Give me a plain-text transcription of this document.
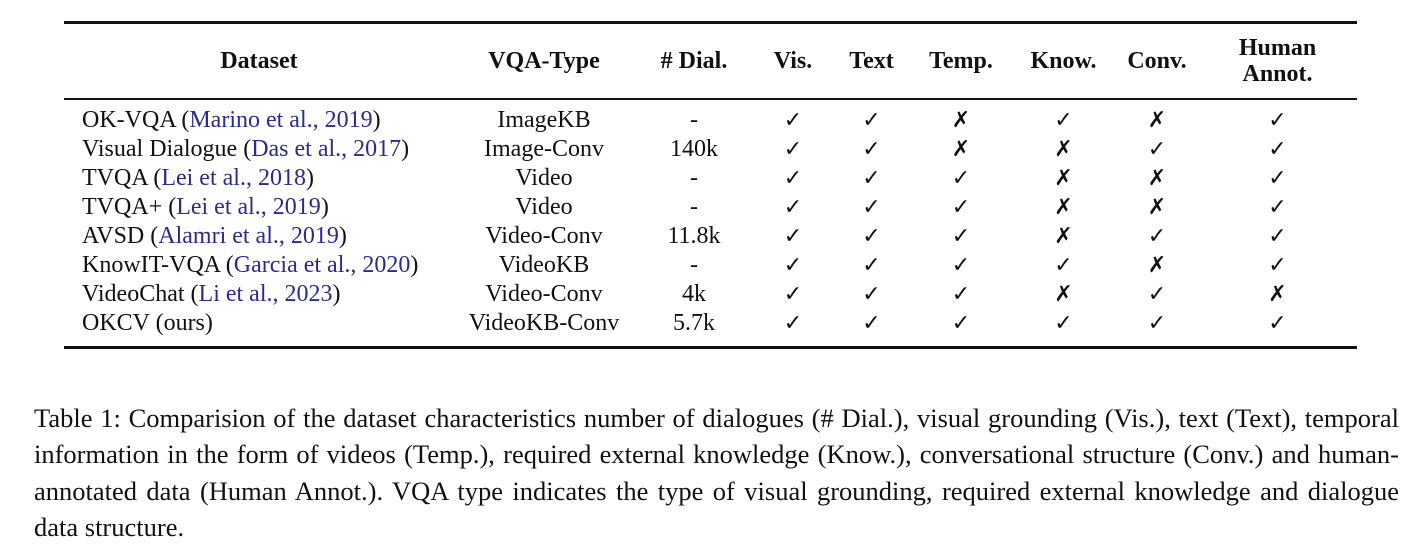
Dataset	VQA-Type	# Dial.	Vis.	Text	Temp.	Know.	Conv.	Human
Annot.
OK-VQA (Marino et al., 2019)	ImageKB	-	✓	✓	✗	✓	✗	✓
Visual Dialogue (Das et al., 2017)	Image-Conv	140k	✓	✓	✗	✗	✓	✓
TVQA (Lei et al., 2018)	Video	-	✓	✓	✓	✗	✗	✓
TVQA+ (Lei et al., 2019)	Video	-	✓	✓	✓	✗	✗	✓
AVSD (Alamri et al., 2019)	Video-Conv	11.8k	✓	✓	✓	✗	✓	✓
KnowIT-VQA (Garcia et al., 2020)	VideoKB	-	✓	✓	✓	✓	✗	✓
VideoChat (Li et al., 2023)	Video-Conv	4k	✓	✓	✓	✗	✓	✗
OKCV (ours)	VideoKB-Conv	5.7k	✓	✓	✓	✓	✓	✓

Table 1: Comparision of the dataset characteristics number of dialogues (# Dial.), visual grounding (Vis.), text (Text), temporal information in the form of videos (Temp.), required external knowledge (Know.), conversational structure (Conv.) and human-annotated data (Human Annot.). VQA type indicates the type of visual grounding, required external knowledge and dialogue data structure.
